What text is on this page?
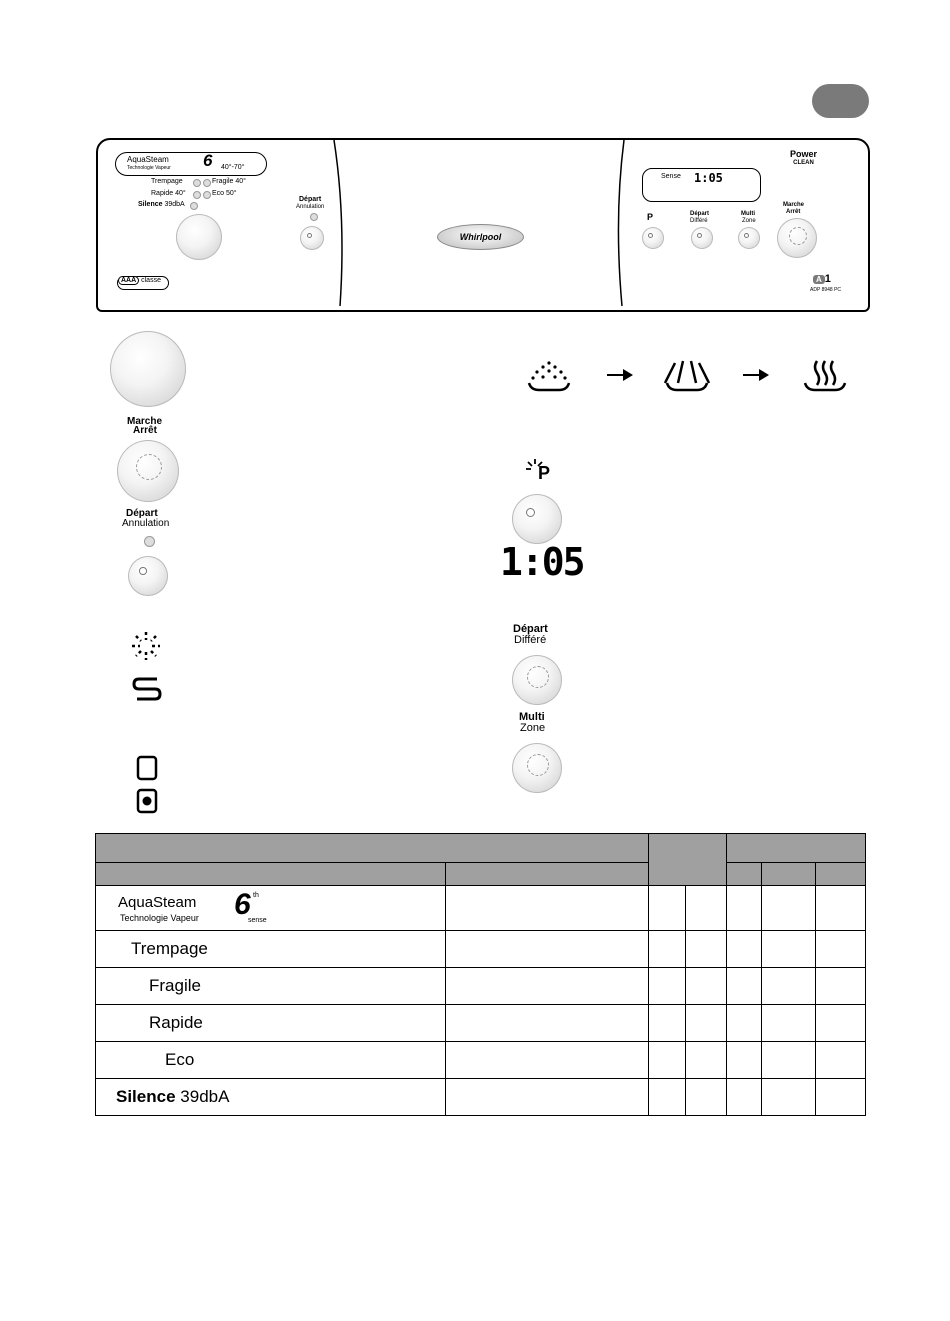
AquaSteam
Technologie Vapeur 6 40°-70°
Trempage
Rapide 40°
Fragile 40°
Eco 50°
Silence 39dbA
Départ
Annulation
AAA classe
Whirlpool
Power
CLEAN
Sense 1:05
P	Départ
Différé
Multi
Zone
Marche
Arrêt
A 1
ADP 8948 PC
Marche
Arrêt
Départ
Annulation
P
1:05
Départ
Différé
Multi
Zone

AquaSteam
Technologie Vapeur 6 th
sense						

Trempage						
Fragile						
Rapide						
Eco						
Silence 39dbA						
